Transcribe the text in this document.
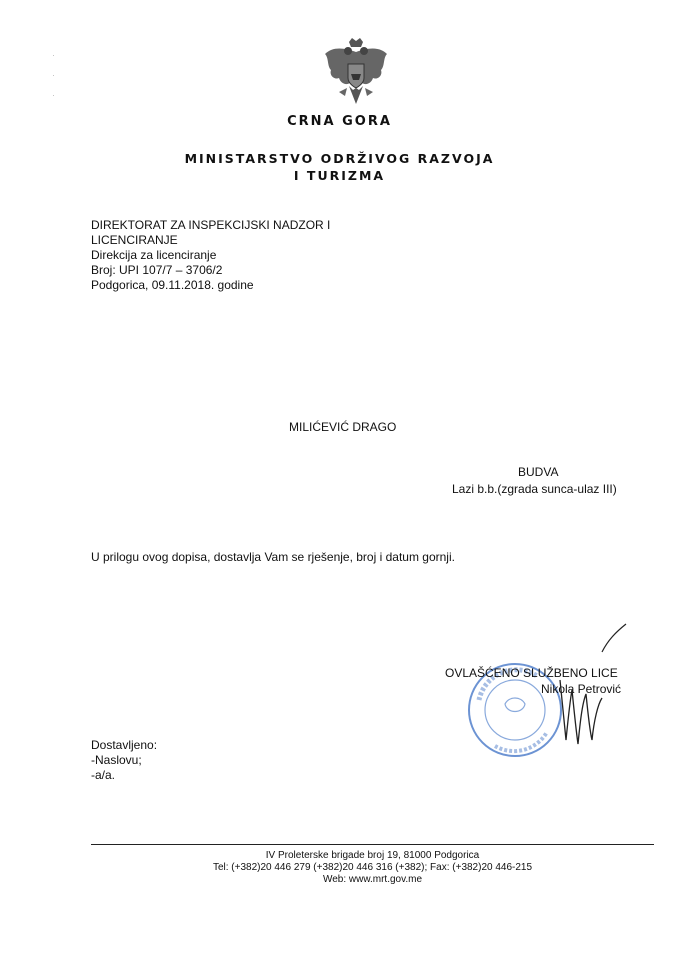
·
·
·
CRNA GORA
MINISTARSTVO ODRŽIVOG RAZVOJA
I TURIZMA
DIREKTORAT ZA INSPEKCIJSKI NADZOR I
LICENCIRANJE
Direkcija za licenciranje
Broj: UPI 107/7 – 3706/2
Podgorica, 09.11.2018. godine
MILIĆEVIĆ DRAGO
BUDVA
Lazi b.b.(zgrada sunca-ulaz III)
U prilogu ovog dopisa, dostavlja Vam se rješenje, broj i datum gornji.
OVLAŠĆENO SLUŽBENO LICE
Nikola Petrović
Dostavljeno:
-Naslovu;
-a/a.
IV Proleterske brigade broj 19, 81000 Podgorica
Tel: (+382)20 446 279 (+382)20 446 316 (+382); Fax: (+382)20 446-215
Web: www.mrt.gov.me
